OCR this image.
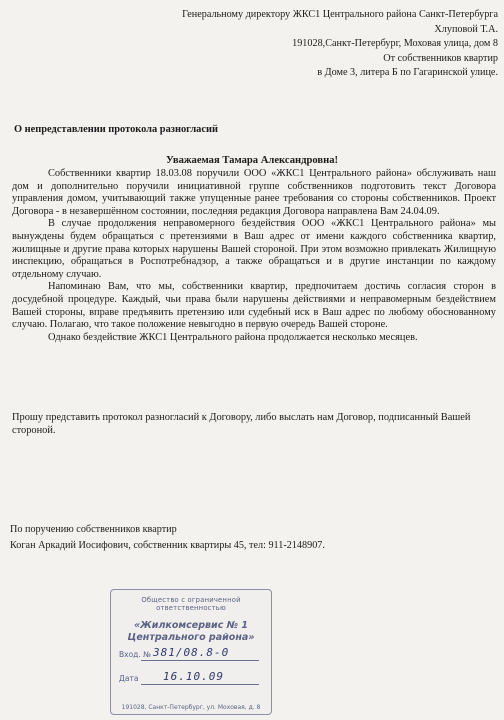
Генеральному директору ЖКС1 Центрального района Санкт-Петербурга
Хлуповой Т.А.
191028,Санкт-Петербург, Моховая улица, дом 8
От собственников квартир
в Доме 3, литера Б по Гагаринской улице.
О непредставлении протокола разногласий
Уважаемая Тамара Александровна!

Собственники квартир 18.03.08 поручили ООО «ЖКС1 Центрального района» обслуживать наш дом и дополнительно поручили инициативной группе собственников подготовить текст Договора управления домом, учитывающий также упущенные ранее требования со стороны собственников. Проект Договора - в незавершённом состоянии, последняя редакция Договора направлена Вам 24.04.09.

В случае продолжения неправомерного бездействия ООО «ЖКС1 Центрального района» мы вынуждены будем обращаться с претензиями в Ваш адрес от имени каждого собственника квартир, жилищные и другие права которых нарушены Вашей стороной. При этом возможно привлекать Жилищную инспекцию, обращаться в Роспотребнадзор, а также обращаться и в другие инстанции по каждому отдельному случаю.

Напоминаю Вам, что мы, собственники квартир, предпочитаем достичь согласия сторон в досудебной процедуре. Каждый, чьи права были нарушены действиями и неправомерным бездействием Вашей стороны, вправе предъявить претензию или судебный иск в Ваш адрес по любому обоснованному случаю. Полагаю, что такое положение невыгодно в первую очередь Вашей стороне.

Однако бездействие ЖКС1 Центрального района продолжается несколько месяцев.

Прошу представить протокол разногласий к Договору, либо выслать нам Договор, подписанный Вашей стороной.

По поручению собственников квартир
Коган Аркадий Иосифович, собственник квартиры 45, тел: 911-2148907.
Общество с ограниченной ответственностью
«Жилкомсервис № 1
Центрального района»
Вход. № 381/08.8-0
Дата 16.10.09
191028, Санкт-Петербург, ул. Моховая, д. 8
